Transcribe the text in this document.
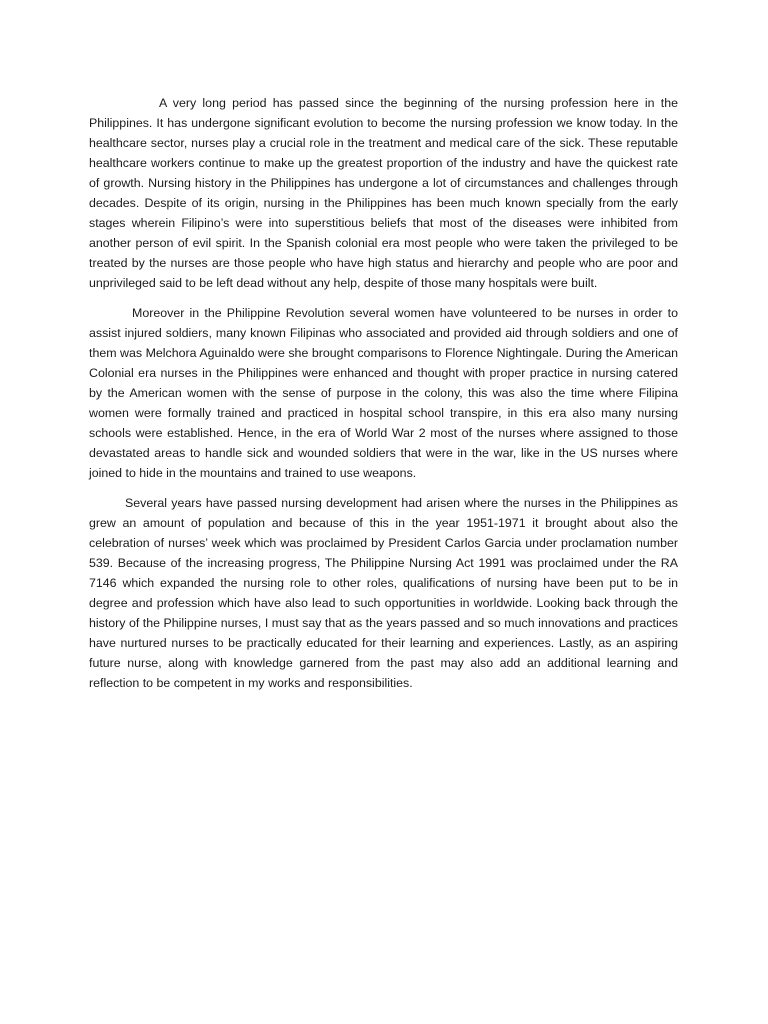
A very long period has passed since the beginning of the nursing profession here in the Philippines. It has undergone significant evolution to become the nursing profession we know today. In the healthcare sector, nurses play a crucial role in the treatment and medical care of the sick. These reputable healthcare workers continue to make up the greatest proportion of the industry and have the quickest rate of growth. Nursing history in the Philippines has undergone a lot of circumstances and challenges through decades. Despite of its origin, nursing in the Philippines has been much known specially from the early stages wherein Filipino’s were into superstitious beliefs that most of the diseases were inhibited from another person of evil spirit. In the Spanish colonial era most people who were taken the privileged to be treated by the nurses are those people who have high status and hierarchy and people who are poor and unprivileged said to be left dead without any help, despite of those many hospitals were built.

Moreover in the Philippine Revolution several women have volunteered to be nurses in order to assist injured soldiers, many known Filipinas who associated and provided aid through soldiers and one of them was Melchora Aguinaldo were she brought comparisons to Florence Nightingale. During the American Colonial era nurses in the Philippines were enhanced and thought with proper practice in nursing catered by the American women with the sense of purpose in the colony, this was also the time where Filipina women were formally trained and practiced in hospital school transpire, in this era also many nursing schools were established. Hence, in the era of World War 2 most of the nurses where assigned to those devastated areas to handle sick and wounded soldiers that were in the war, like in the US nurses where joined to hide in the mountains and trained to use weapons.

Several years have passed nursing development had arisen where the nurses in the Philippines as grew an amount of population and because of this in the year 1951-1971 it brought about also the celebration of nurses’ week which was proclaimed by President Carlos Garcia under proclamation number 539. Because of the increasing progress, The Philippine Nursing Act 1991 was proclaimed under the RA 7146 which expanded the nursing role to other roles, qualifications of nursing have been put to be in degree and profession which have also lead to such opportunities in worldwide. Looking back through the history of the Philippine nurses, I must say that as the years passed and so much innovations and practices have nurtured nurses to be practically educated for their learning and experiences. Lastly, as an aspiring future nurse, along with knowledge garnered from the past may also add an additional learning and reflection to be competent in my works and responsibilities.
